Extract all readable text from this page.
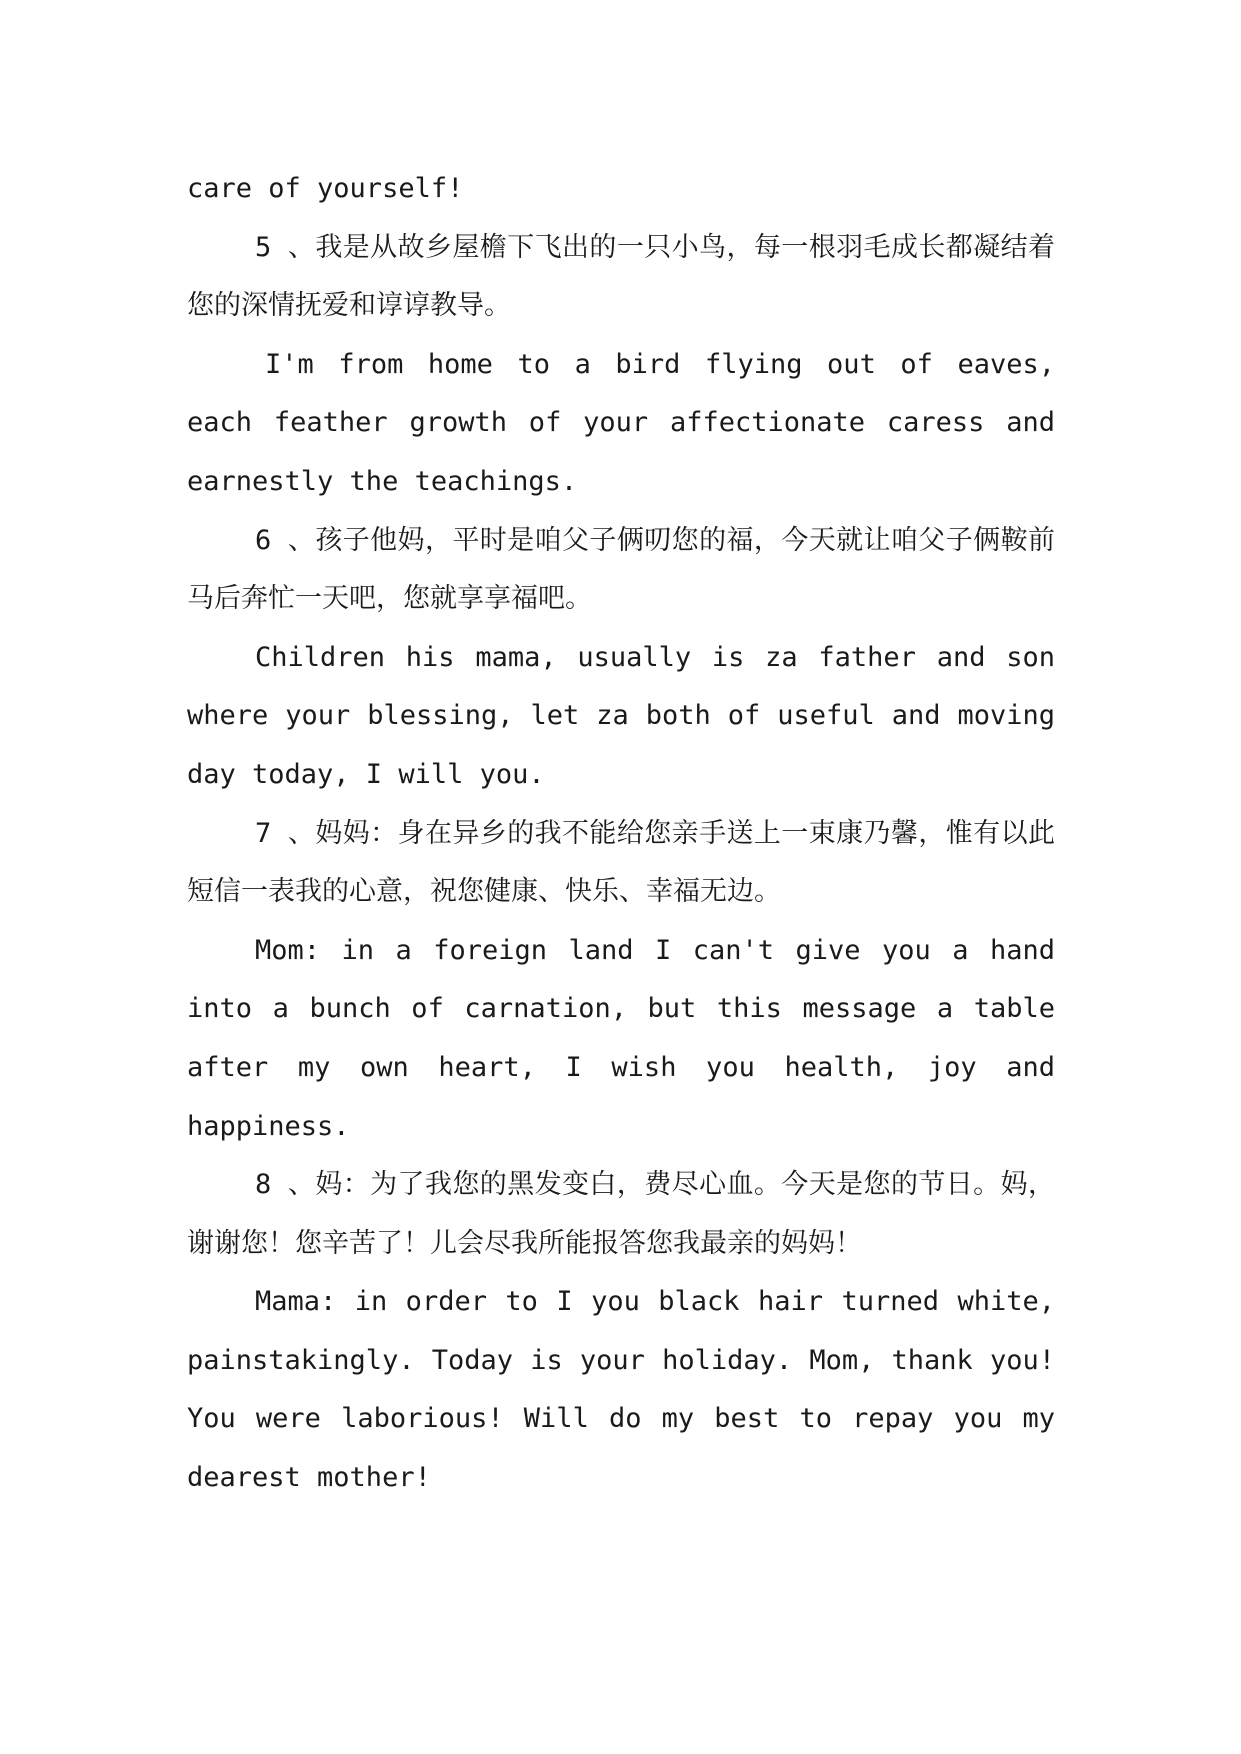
care of yourself!

5 、我是从故乡屋檐下飞出的一只小鸟，每一根羽毛成长都凝结着您的深情抚爱和谆谆教导。

I'm from home to a bird flying out of eaves, each feather growth of your affectionate caress and earnestly the teachings.

6 、孩子他妈，平时是咱父子俩叨您的福，今天就让咱父子俩鞍前马后奔忙一天吧，您就享享福吧。

Children his mama, usually is za father and son where your blessing, let za both of useful and moving day today, I will you.

7 、妈妈：身在异乡的我不能给您亲手送上一束康乃馨，惟有以此短信一表我的心意，祝您健康、快乐、幸福无边。

Mom: in a foreign land I can't give you a hand into a bunch of carnation, but this message a table after my own heart, I wish you health, joy and happiness.

8 、妈：为了我您的黑发变白，费尽心血。今天是您的节日。妈，谢谢您！您辛苦了！儿会尽我所能报答您我最亲的妈妈！

Mama: in order to I you black hair turned white, painstakingly. Today is your holiday. Mom, thank you! You were laborious! Will do my best to repay you my dearest mother!
